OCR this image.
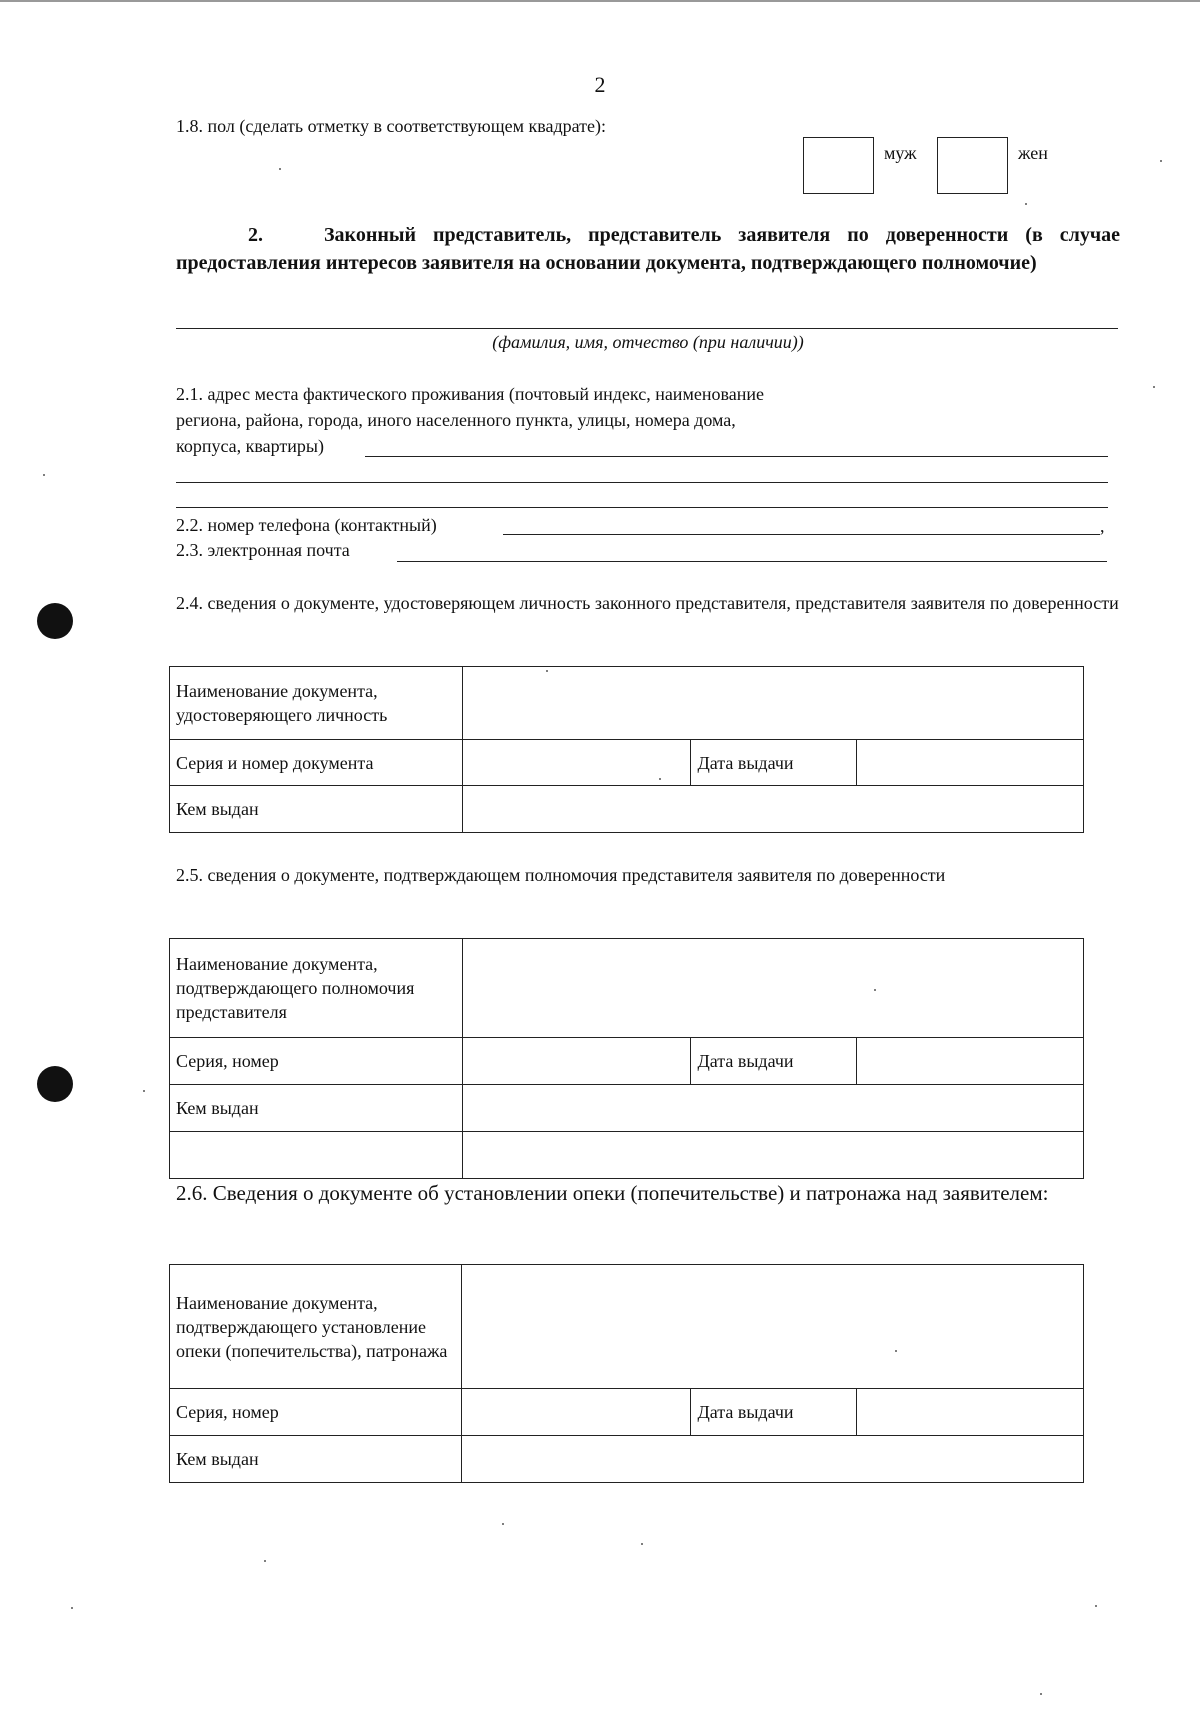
2
1.8. пол (сделать отметку в соответствующем квадрате):
муж	жен
2.	Законный представитель, представитель заявителя по доверенности (в случае предоставления интересов заявителя на основании документа, подтверждающего полномочие)
(фамилия, имя, отчество (при наличии))
2.1. адрес места фактического проживания (почтовый индекс, наименование
региона, района, города, иного населенного пункта, улицы, номера дома,
корпуса, квартиры)
2.2. номер телефона (контактный)	,
2.3. электронная почта
2.4. сведения о документе, удостоверяющем личность законного представителя, представителя заявителя по доверенности
Наименование документа, удостоверяющего личность			
Серия и номер документа		Дата выдачи	
Кем выдан			
2.5. сведения о документе, подтверждающем полномочия представителя заявителя по доверенности
Наименование документа, подтверждающего полномочия представителя			
Серия, номер		Дата выдачи	
Кем выдан			

2.6. Сведения о документе об установлении опеки (попечительстве) и патронажа над заявителем:
Наименование документа, подтверждающего установление опеки (попечительства), патронажа			
Серия, номер		Дата выдачи	
Кем выдан			
